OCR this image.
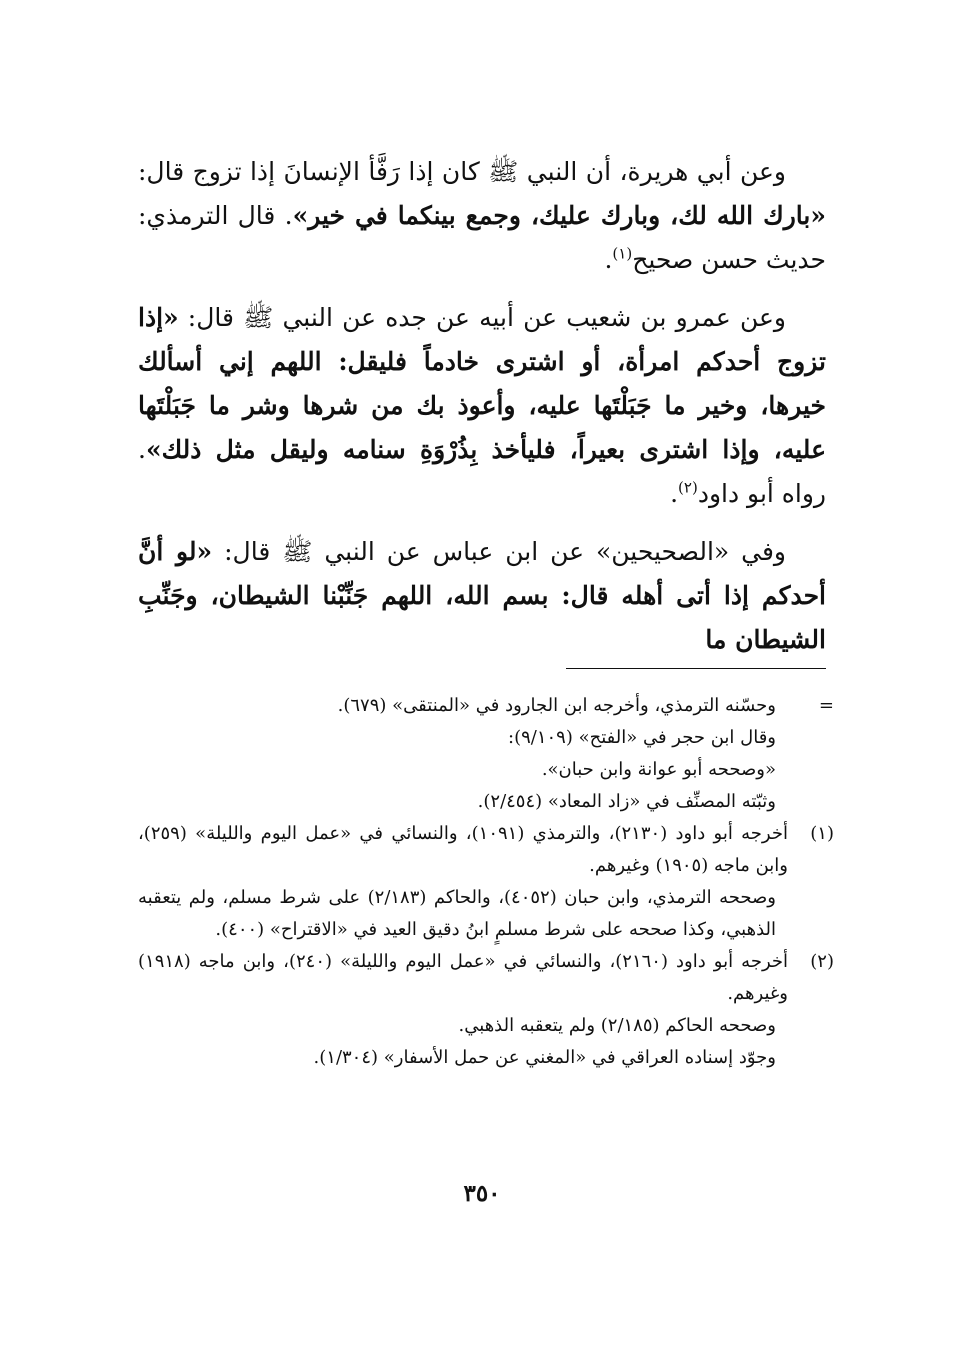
وعن أبي هريرة، أن النبي ﷺ كان إذا رَفَّأ الإنسانَ إذا تزوج قال: «بارك الله لك، وبارك عليك، وجمع بينكما في خير». قال الترمذي: حديث حسن صحيح$^{(١)}$.

وعن عمرو بن شعيب عن أبيه عن جده عن النبي ﷺ قال: «إذا تزوج أحدكم امرأة، أو اشترى خادماً فليقل: اللهم إني أسألك خيرها، وخير ما جَبَلْتَها عليه، وأعوذ بك من شرها وشر ما جَبَلْتَها عليه، وإذا اشترى بعيراً، فليأخذ بِذُرْوَةِ سنامه وليقل مثل ذلك». رواه أبو داود$^{(٢)}$.

وفي «الصحيحين» عن ابن عباس عن النبي ﷺ قال: «لو أنَّ أحدكم إذا أتى أهله قال: بسم الله، اللهم جَنِّبْنا الشيطان، وجَنِّبِ الشيطان ما

=
وحسّنه الترمذي، وأخرجه ابن الجارود في «المنتقى» (٦٧٩).
وقال ابن حجر في «الفتح» (٩/١٠٩):
«وصححه أبو عوانة وابن حبان».
وثبّته المصنِّف في «زاد المعاد» (٢/٤٥٤).
(١)
أخرجه أبو داود (٢١٣٠)، والترمذي (١٠٩١)، والنسائي في «عمل اليوم والليلة» (٢٥٩)، وابن ماجه (١٩٠٥) وغيرهم.
وصححه الترمذي، وابن حبان (٤٠٥٢)، والحاكم (٢/١٨٣) على شرط مسلم، ولم يتعقبه الذهبي، وكذا صححه على شرط مسلمٍ ابنُ دقيق العيد في «الاقتراح» (٤٠٠).
(٢)
أخرجه أبو داود (٢١٦٠)، والنسائي في «عمل اليوم والليلة» (٢٤٠)، وابن ماجه (١٩١٨) وغيرهم.
وصححه الحاكم (٢/١٨٥) ولم يتعقبه الذهبي.
وجوّد إسناده العراقي في «المغني عن حمل الأسفار» (١/٣٠٤).
٣٥٠
